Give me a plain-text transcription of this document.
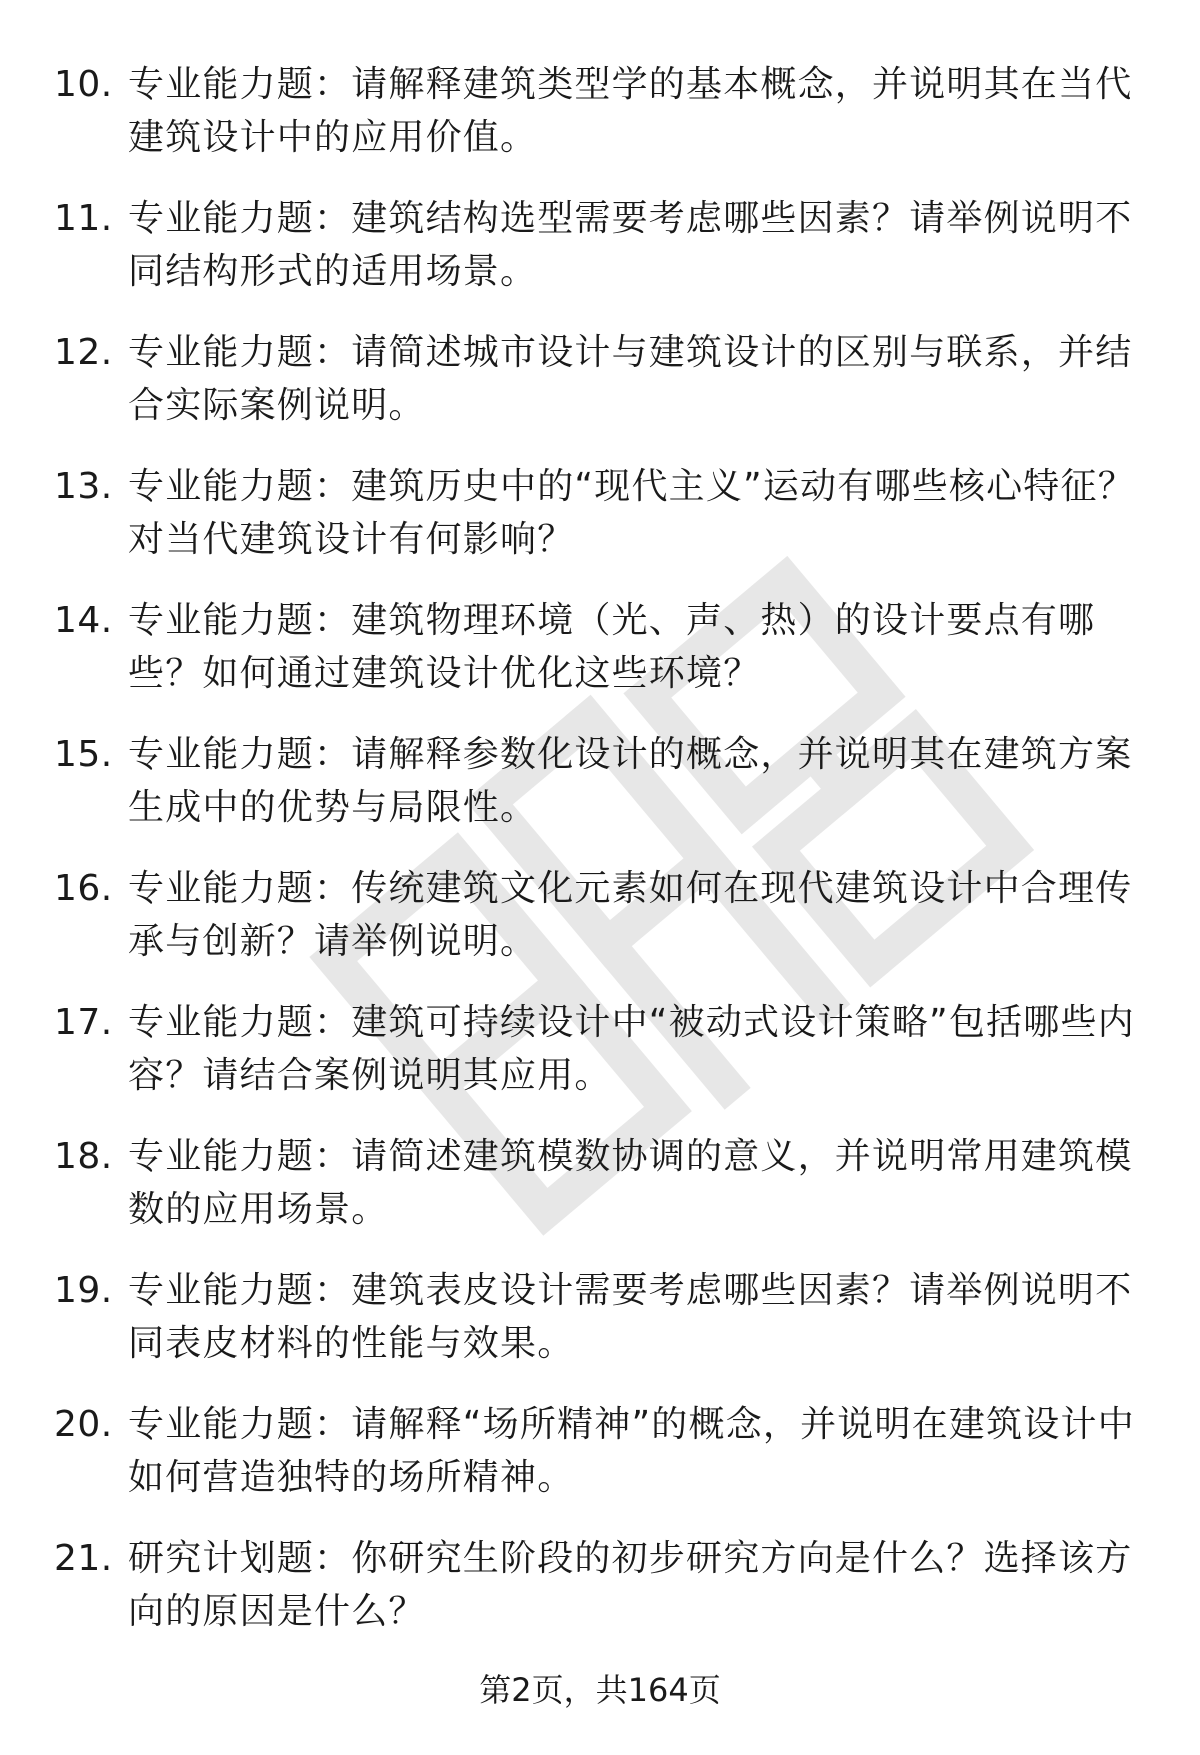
10. 专业能力题：请解释建筑类型学的基本概念，并说明其在当代建筑设计中的应用价值。
11. 专业能力题：建筑结构选型需要考虑哪些因素？请举例说明不同结构形式的适用场景。
12. 专业能力题：请简述城市设计与建筑设计的区别与联系，并结合实际案例说明。
13. 专业能力题：建筑历史中的“现代主义”运动有哪些核心特征？对当代建筑设计有何影响？
14. 专业能力题：建筑物理环境（光、声、热）的设计要点有哪些？如何通过建筑设计优化这些环境？
15. 专业能力题：请解释参数化设计的概念，并说明其在建筑方案生成中的优势与局限性。
16. 专业能力题：传统建筑文化元素如何在现代建筑设计中合理传承与创新？请举例说明。
17. 专业能力题：建筑可持续设计中“被动式设计策略”包括哪些内容？请结合案例说明其应用。
18. 专业能力题：请简述建筑模数协调的意义，并说明常用建筑模数的应用场景。
19. 专业能力题：建筑表皮设计需要考虑哪些因素？请举例说明不同表皮材料的性能与效果。
20. 专业能力题：请解释“场所精神”的概念，并说明在建筑设计中如何营造独特的场所精神。
21. 研究计划题：你研究生阶段的初步研究方向是什么？选择该方向的原因是什么？
第2页，共164页
